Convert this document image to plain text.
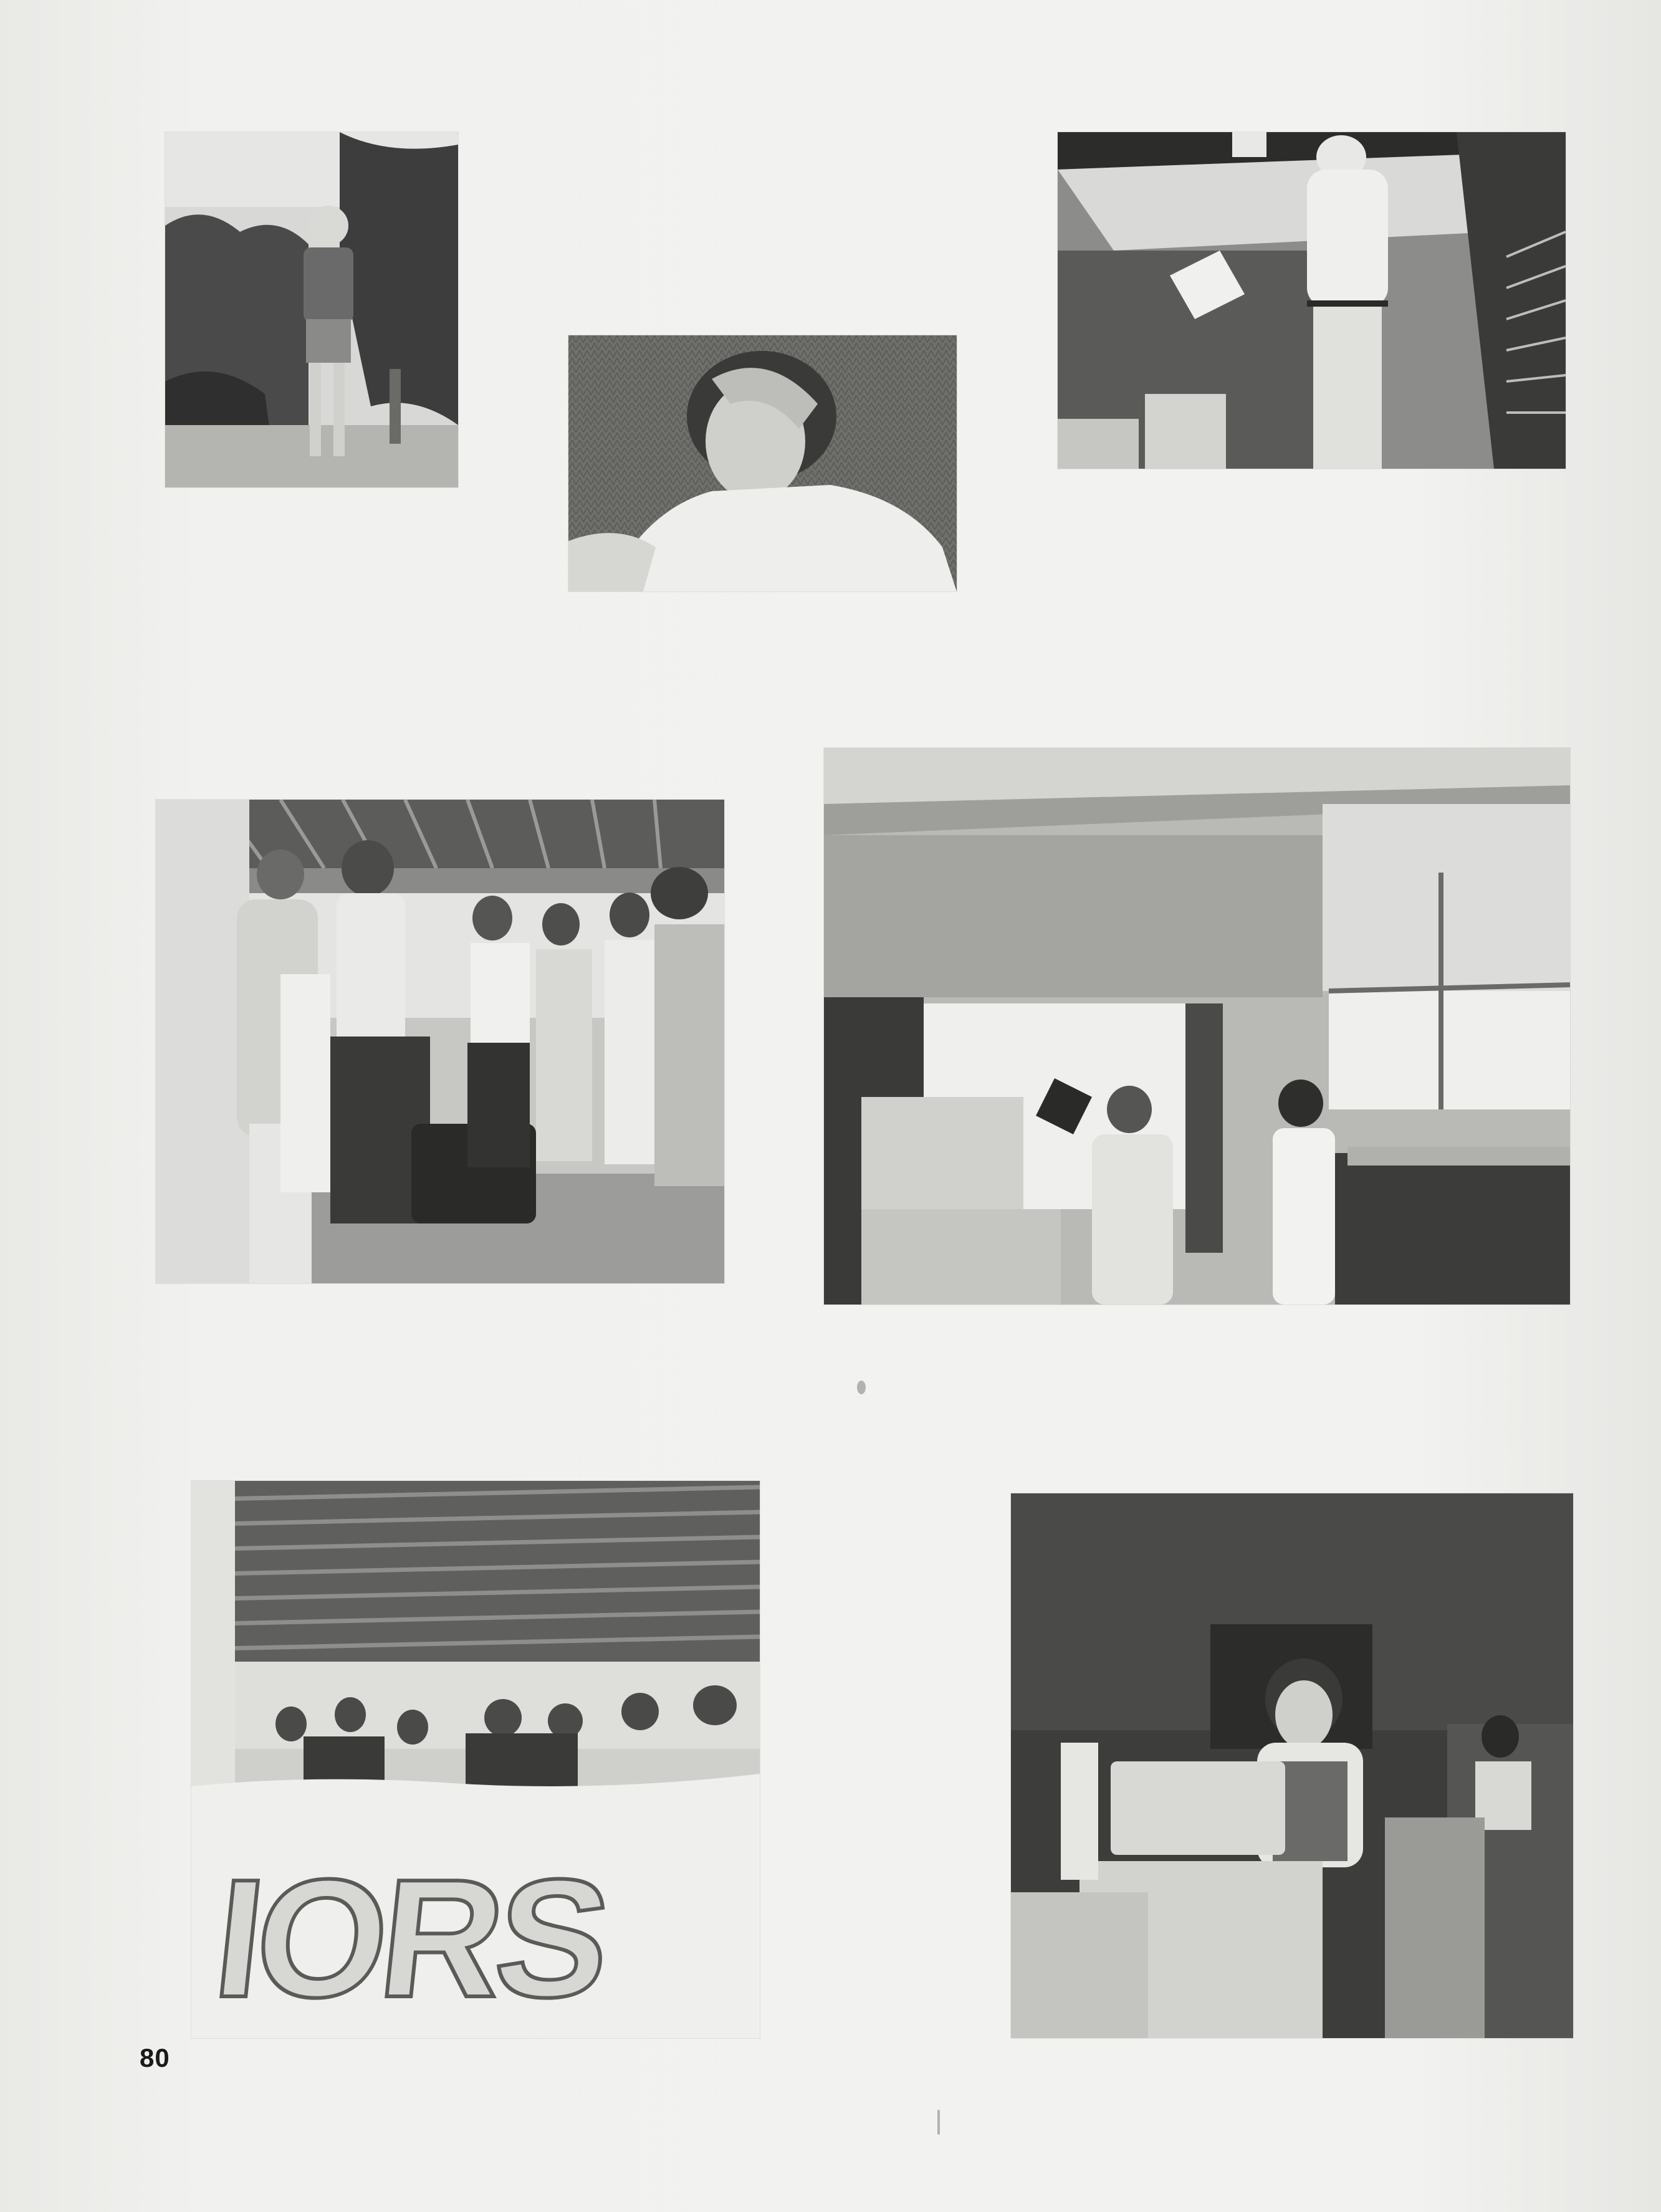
IORS
80
